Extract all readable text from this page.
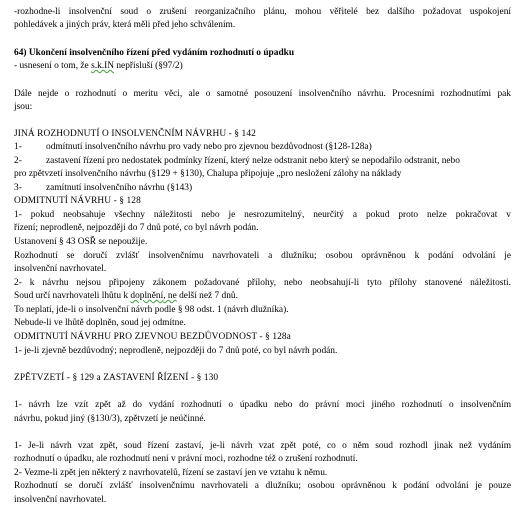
-rozhodne-li insolvenční soud o zrušení reorganizačního plánu, mohou věřitelé bez dalšího požadovat uspokojení
pohledávek a jiných práv, která měli před jeho schválením.
64) Ukončení insolvenčního řízení před vydáním rozhodnutí o úpadku
- usnesení o tom, že s.k.IN nepřísluší (§97/2)
Dále nejde o rozhodnutí o meritu věci, ale o samotné posouzení insolvenčního návrhu. Procesními rozhodnutími pak
jsou:
JINÁ ROZHODNUTÍ O INSOLVENČNÍM NÁVRHU - § 142
1-	odmítnutí insolvenčního návrhu pro vady nebo pro zjevnou bezdůvodnost (§128-128a)
2-	zastavení řízení pro nedostatek podmínky řízení, který nelze odstranit nebo který se nepodařilo odstranit, nebo
pro zpětvzetí insolvenčního návrhu (§129 + §130), Chalupa připojuje „pro nesložení zálohy na náklady
3-	zamítnutí insolvenčního návrhu (§143)
ODMITNUTÍ NÁVRHU - § 128
1- pokud neobsahuje všechny náležitosti nebo je nesrozumitelný, neurčitý a pokud proto nelze pokračovat v
řízení; neprodleně, nejpozději do 7 dnů poté, co byl návrh podán.
Ustanovení § 43 OSŘ se nepoužije.
Rozhodnutí se doručí zvlášť insolvenčnímu navrhovateli a dlužníku; osobou oprávněnou k podání odvolání je
insolvenční navrhovatel.
2- k návrhu nejsou připojeny zákonem požadované přílohy, nebo neobsahují-li tyto přílohy stanovené náležitosti.
Soud určí navrhovateli lhůtu k doplnění, ne delší než 7 dnů.
To neplatí, jde-li o insolvenční návrh podle § 98 odst. 1 (návrh dlužníka).
Nebude-li ve lhůtě doplněn, soud jej odmítne.
ODMITNUTÍ NÁVRHU PRO ZJEVNOU BEZDŮVODNOST - § 128a
1- je-li zjevně bezdůvodný; neprodleně, nejpozději do 7 dnů poté, co byl návrh podán.
ZPĚTVZETÍ - § 129 a ZASTAVENÍ ŘÍZENÍ - § 130
1- návrh lze vzít zpět až do vydání rozhodnutí o úpadku nebo do právní moci jiného rozhodnutí o insolvenčním
návrhu, pokud jiný (§130/3), zpětvzetí je neúčinné.
1- Je-li návrh vzat zpět, soud řízení zastaví, je-li návrh vzat zpět poté, co o něm soud rozhodl jinak než vydáním
rozhodnutí o úpadku, ale rozhodnutí není v právní moci, rozhodne též o zrušení rozhodnutí.
2- Vezme-li zpět jen některý z navrhovatelů, řízení se zastaví jen ve vztahu k němu.
Rozhodnutí se doručí zvlášť insolvenčnímu navrhovateli a dlužníku; osobou oprávněnou k podání odvolání je pouze
insolvenční navrhovatel.
